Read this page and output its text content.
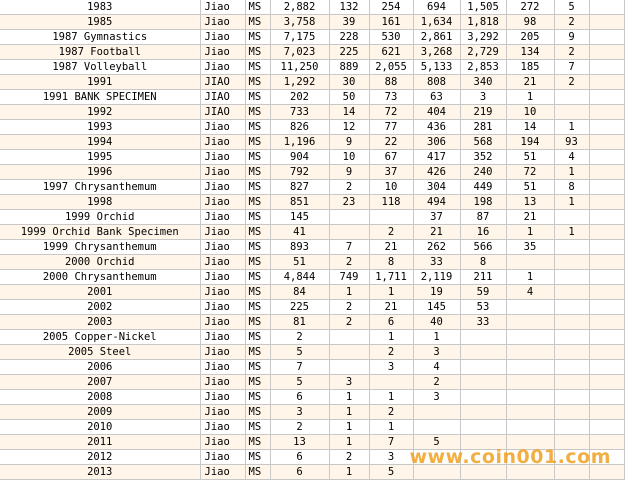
1983	Jiao	MS	2,882	132	254	694	1,505	272	5	
1985	Jiao	MS	3,758	39	161	1,634	1,818	98	2	
1987 Gymnastics	Jiao	MS	7,175	228	530	2,861	3,292	205	9	
1987 Football	Jiao	MS	7,023	225	621	3,268	2,729	134	2	
1987 Volleyball	Jiao	MS	11,250	889	2,055	5,133	2,853	185	7	
1991	JIAO	MS	1,292	30	88	808	340	21	2	
1991 BANK SPECIMEN	JIAO	MS	202	50	73	63	3	1		
1992	JIAO	MS	733	14	72	404	219	10		
1993	Jiao	MS	826	12	77	436	281	14	1	
1994	Jiao	MS	1,196	9	22	306	568	194	93	
1995	Jiao	MS	904	10	67	417	352	51	4	
1996	Jiao	MS	792	9	37	426	240	72	1	
1997 Chrysanthemum	Jiao	MS	827	2	10	304	449	51	8	
1998	Jiao	MS	851	23	118	494	198	13	1	
1999 Orchid	Jiao	MS	145			37	87	21		
1999 Orchid Bank Specimen	Jiao	MS	41		2	21	16	1	1	
1999 Chrysanthemum	Jiao	MS	893	7	21	262	566	35		
2000 Orchid	Jiao	MS	51	2	8	33	8			
2000 Chrysanthemum	Jiao	MS	4,844	749	1,711	2,119	211	1		
2001	Jiao	MS	84	1	1	19	59	4		
2002	Jiao	MS	225	2	21	145	53			
2003	Jiao	MS	81	2	6	40	33			
2005 Copper-Nickel	Jiao	MS	2		1	1				
2005 Steel	Jiao	MS	5		2	3				
2006	Jiao	MS	7		3	4				
2007	Jiao	MS	5	3		2				
2008	Jiao	MS	6	1	1	3				
2009	Jiao	MS	3	1	2					
2010	Jiao	MS	2	1	1					
2011	Jiao	MS	13	1	7	5				
2012	Jiao	MS	6	2	3					
2013	Jiao	MS	6	1	5					
www.coin001.com
